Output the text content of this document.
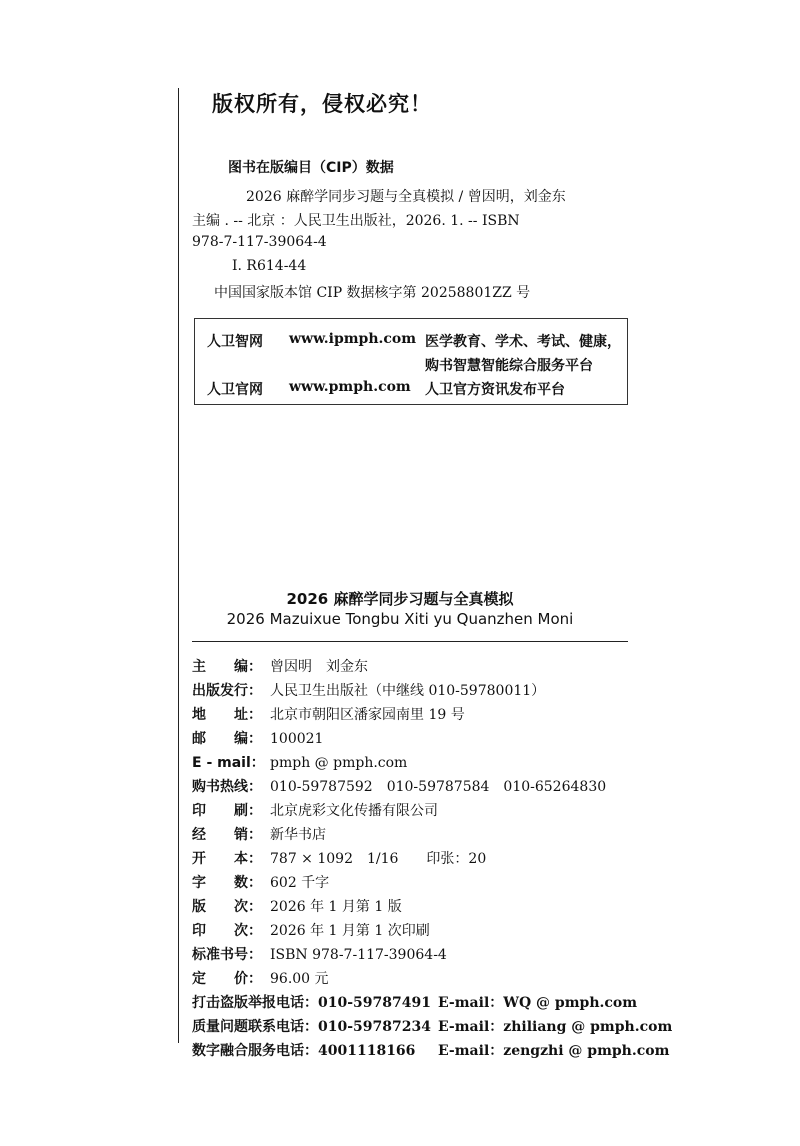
版权所有，侵权必究！
图书在版编目（CIP）数据
2026 麻醉学同步习题与全真模拟 / 曾因明，刘金东
主编 . -- 北京 ：人民卫生出版社，2026. 1. -- ISBN
978-7-117-39064-4
Ⅰ. R614-44
中国国家版本馆 CIP 数据核字第 20258801ZZ 号
人卫智网 www.ipmph.com 医学教育、学术、考试、健康，
购书智慧智能综合服务平台
人卫官网 www.pmph.com 人卫官方资讯发布平台
2026 麻醉学同步习题与全真模拟
2026 Mazuixue Tongbu Xiti yu Quanzhen Moni
主　　编： 曾因明　刘金东
出版发行： 人民卫生出版社（中继线 010-59780011）
地　　址： 北京市朝阳区潘家园南里 19 号
邮　　编： 100021
E - mail： pmph @ pmph.com
购书热线： 010-59787592　010-59787584　010-65264830
印　　刷： 北京虎彩文化传播有限公司
经　　销： 新华书店
开　　本： 787 × 1092　1/16　　印张：20
字　　数： 602 千字
版　　次： 2026 年 1 月第 1 版
印　　次： 2026 年 1 月第 1 次印刷
标准书号： ISBN 978-7-117-39064-4
定　　价： 96.00 元
打击盗版举报电话：010-59787491 E-mail：WQ @ pmph.com
质量问题联系电话：010-59787234 E-mail：zhiliang @ pmph.com
数字融合服务电话：4001118166 E-mail：zengzhi @ pmph.com
